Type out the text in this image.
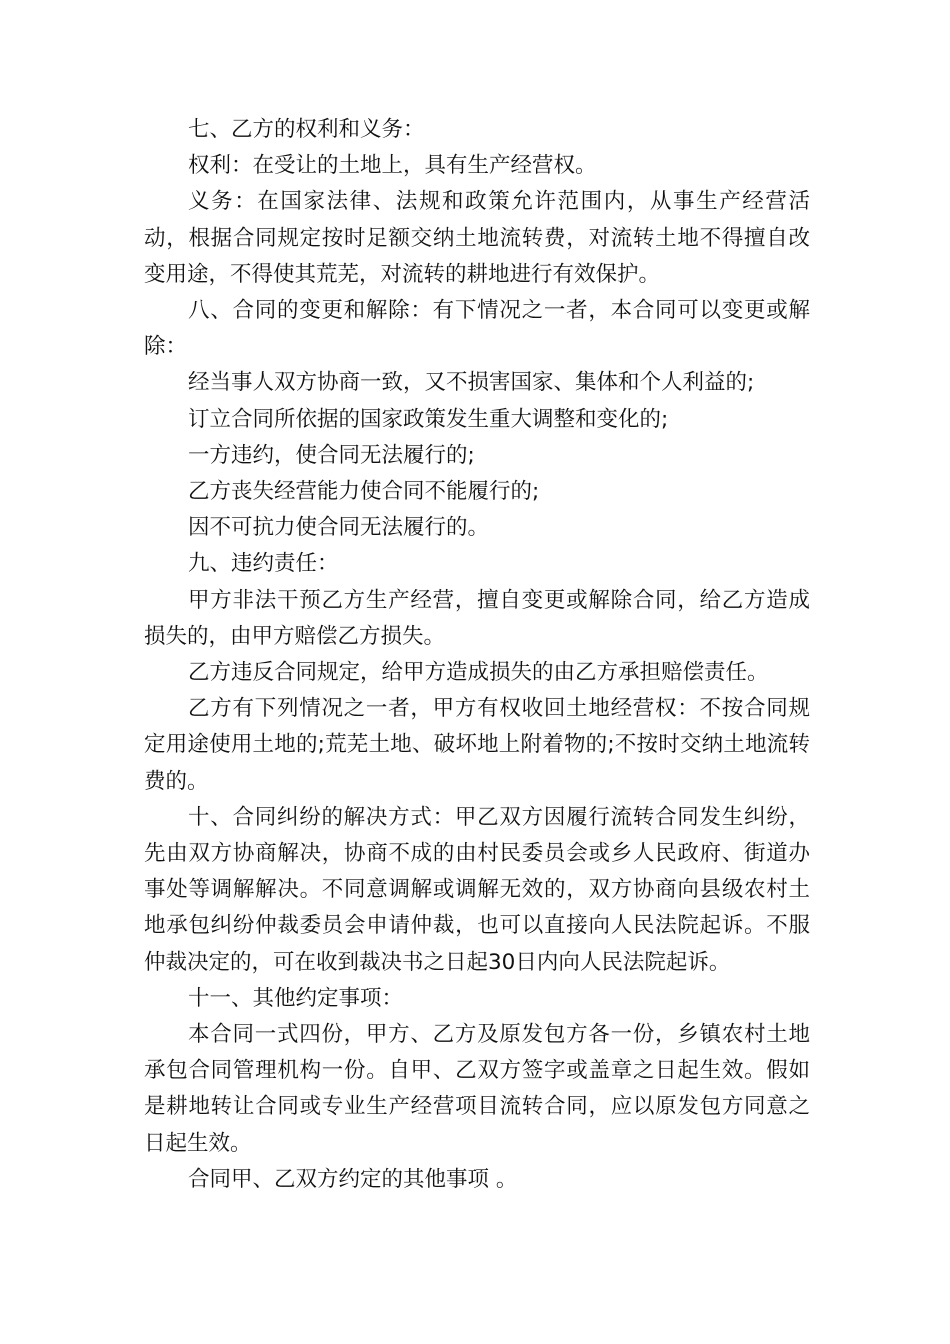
七、乙方的权利和义务：

权利：在受让的土地上，具有生产经营权。

义务：在国家法律、法规和政策允许范围内，从事生产经营活动，根据合同规定按时足额交纳土地流转费，对流转土地不得擅自改变用途，不得使其荒芜，对流转的耕地进行有效保护。

八、合同的变更和解除：有下情况之一者，本合同可以变更或解除：

经当事人双方协商一致，又不损害国家、集体和个人利益的;

订立合同所依据的国家政策发生重大调整和变化的;

一方违约，使合同无法履行的;

乙方丧失经营能力使合同不能履行的;

因不可抗力使合同无法履行的。

九、违约责任：

甲方非法干预乙方生产经营，擅自变更或解除合同，给乙方造成损失的，由甲方赔偿乙方损失。

乙方违反合同规定，给甲方造成损失的由乙方承担赔偿责任。

乙方有下列情况之一者，甲方有权收回土地经营权：不按合同规定用途使用土地的;荒芜土地、破坏地上附着物的;不按时交纳土地流转费的。

十、合同纠纷的解决方式：甲乙双方因履行流转合同发生纠纷，先由双方协商解决，协商不成的由村民委员会或乡人民政府、街道办事处等调解解决。不同意调解或调解无效的，双方协商向县级农村土地承包纠纷仲裁委员会申请仲裁，也可以直接向人民法院起诉。不服仲裁决定的，可在收到裁决书之日起30日内向人民法院起诉。

十一、其他约定事项：

本合同一式四份，甲方、乙方及原发包方各一份，乡镇农村土地承包合同管理机构一份。自甲、乙双方签字或盖章之日起生效。假如是耕地转让合同或专业生产经营项目流转合同，应以原发包方同意之日起生效。

合同甲、乙双方约定的其他事项 。
